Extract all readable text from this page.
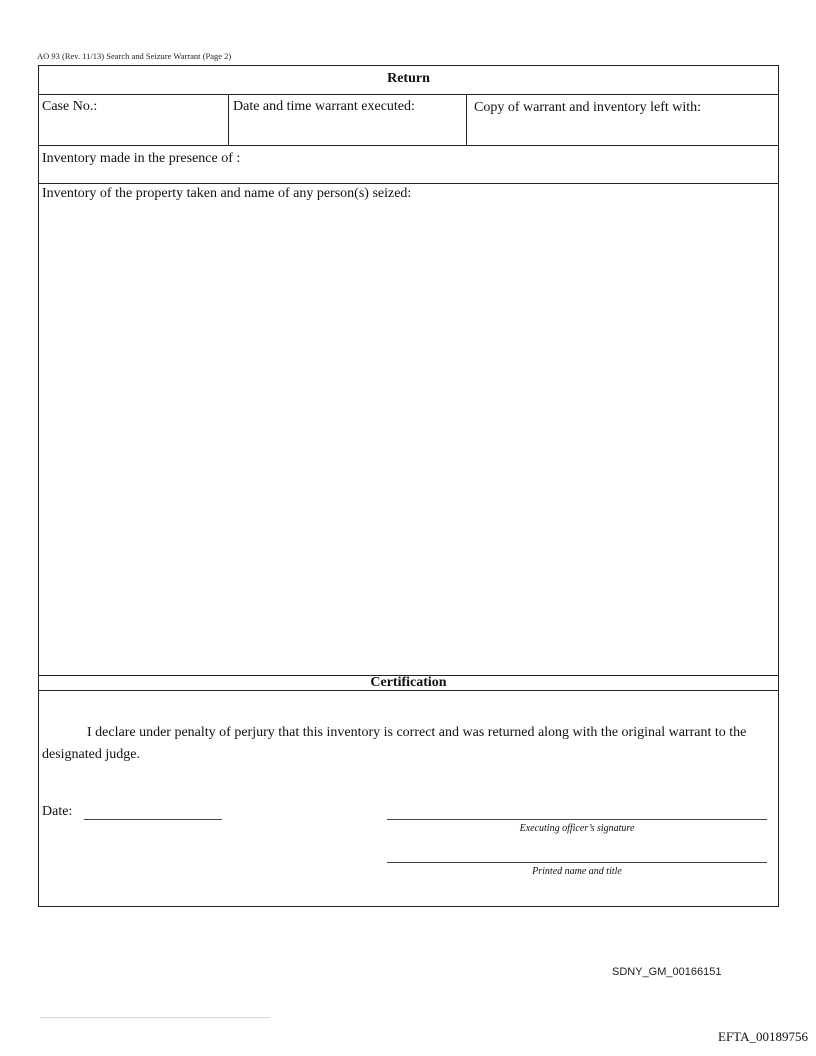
AO 93 (Rev. 11/13) Search and Seizure Warrant (Page 2)
Return
Case No.:	Date and time warrant executed:	Copy of warrant and inventory left with:
Inventory made in the presence of :
Inventory of the property taken and name of any person(s) seized:
Certification
I declare under penalty of perjury that this inventory is correct and was returned along with the original warrant to the designated judge.
Date:
Executing officer’s signature
Printed name and title
SDNY_GM_00166151
EFTA_00189756
